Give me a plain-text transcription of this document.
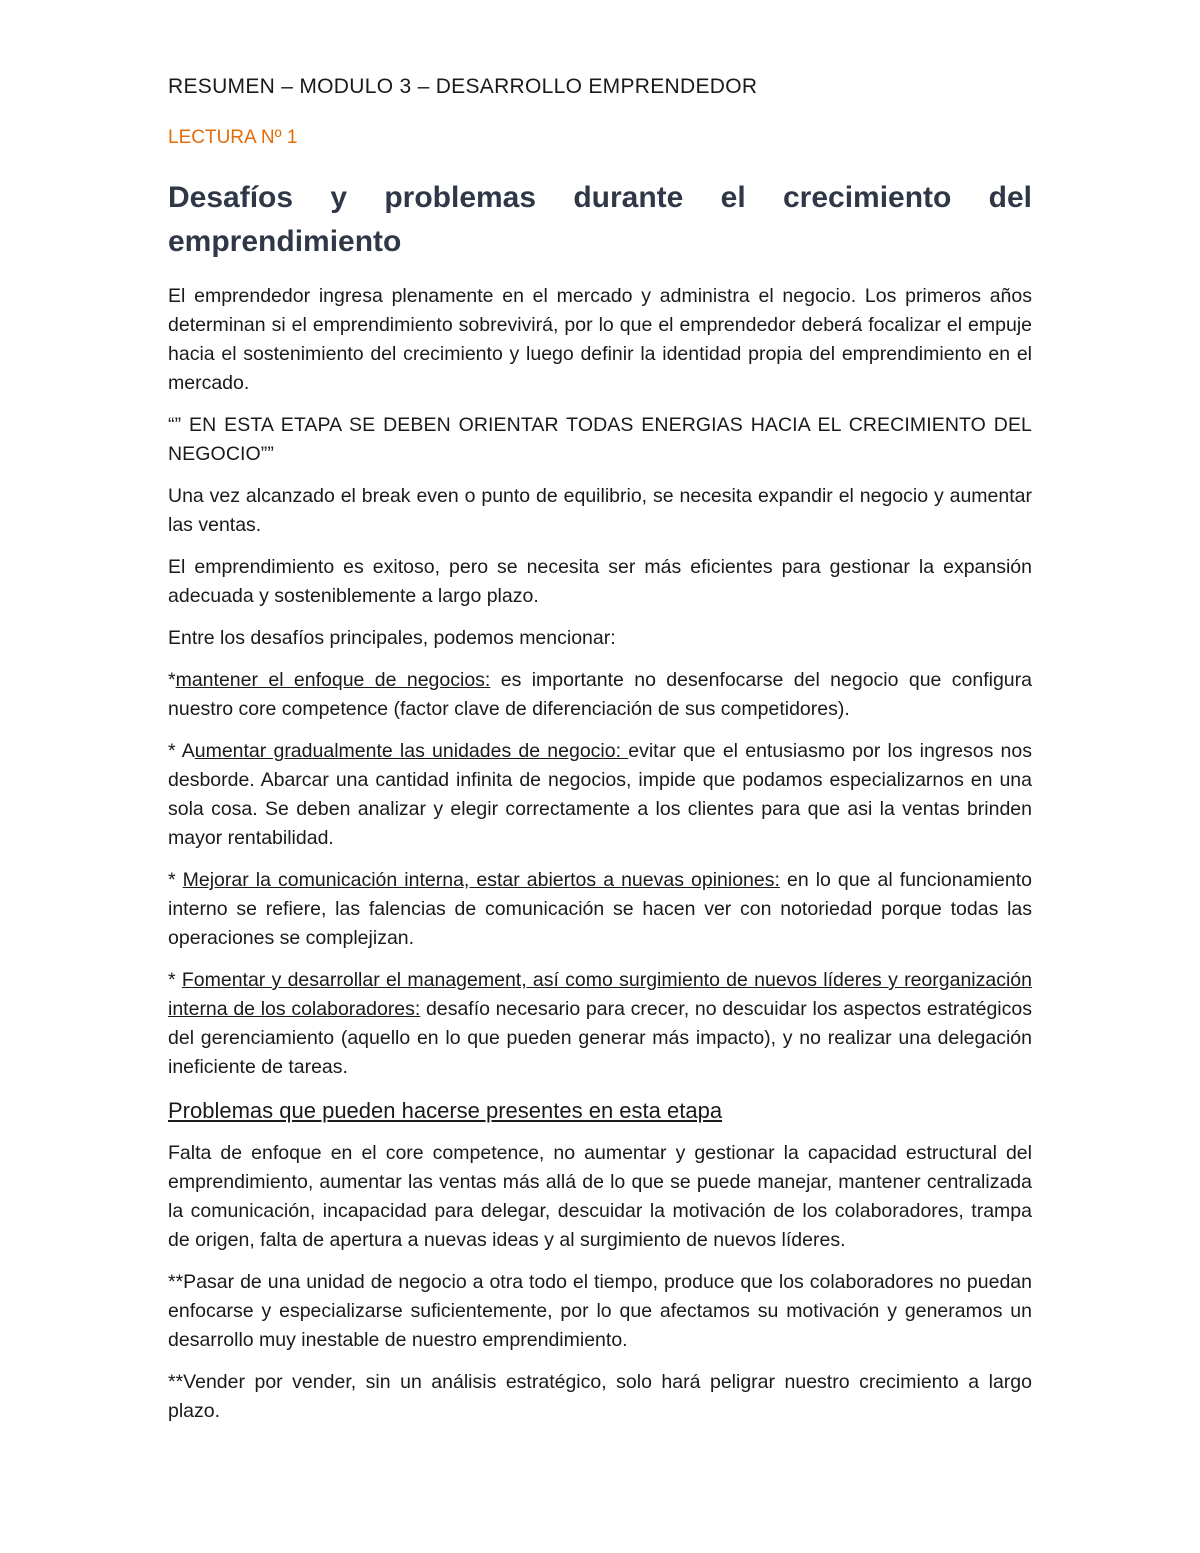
RESUMEN – MODULO 3 – DESARROLLO EMPRENDEDOR
LECTURA Nº 1
Desafíos y problemas durante el crecimiento del emprendimiento

El emprendedor ingresa plenamente en el mercado y administra el negocio. Los primeros años determinan si el emprendimiento sobrevivirá, por lo que el emprendedor deberá focalizar el empuje hacia el sostenimiento del crecimiento y luego definir la identidad propia del emprendimiento en el mercado.

“” EN ESTA ETAPA SE DEBEN ORIENTAR TODAS ENERGIAS HACIA EL CRECIMIENTO DEL NEGOCIO””

Una vez alcanzado el break even o punto de equilibrio, se necesita expandir el negocio y aumentar las ventas.

El emprendimiento es exitoso, pero se necesita ser más eficientes para gestionar la expansión adecuada y sosteniblemente a largo plazo.

Entre los desafíos principales, podemos mencionar:

*mantener el enfoque de negocios: es importante no desenfocarse del negocio que configura nuestro core competence (factor clave de diferenciación de sus competidores).

* Aumentar gradualmente las unidades de negocio: evitar que el entusiasmo por los ingresos nos desborde. Abarcar una cantidad infinita de negocios, impide que podamos especializarnos en una sola cosa. Se deben analizar y elegir correctamente a los clientes para que asi la ventas brinden mayor rentabilidad.

* Mejorar la comunicación interna, estar abiertos a nuevas opiniones: en lo que al funcionamiento interno se refiere, las falencias de comunicación se hacen ver con notoriedad porque todas las operaciones se complejizan.

* Fomentar y desarrollar el management, así como surgimiento de nuevos líderes y reorganización interna de los colaboradores: desafío necesario para crecer, no descuidar los aspectos estratégicos del gerenciamiento (aquello en lo que pueden generar más impacto), y no realizar una delegación ineficiente de tareas.

Problemas que pueden hacerse presentes en esta etapa

Falta de enfoque en el core competence, no aumentar y gestionar la capacidad estructural del emprendimiento, aumentar las ventas más allá de lo que se puede manejar, mantener centralizada la comunicación, incapacidad para delegar, descuidar la motivación de los colaboradores, trampa de origen, falta de apertura a nuevas ideas y al surgimiento de nuevos líderes.

**Pasar de una unidad de negocio a otra todo el tiempo, produce que los colaboradores no puedan enfocarse y especializarse suficientemente, por lo que afectamos su motivación y generamos un desarrollo muy inestable de nuestro emprendimiento.

**Vender por vender, sin un análisis estratégico, solo hará peligrar nuestro crecimiento a largo plazo.
